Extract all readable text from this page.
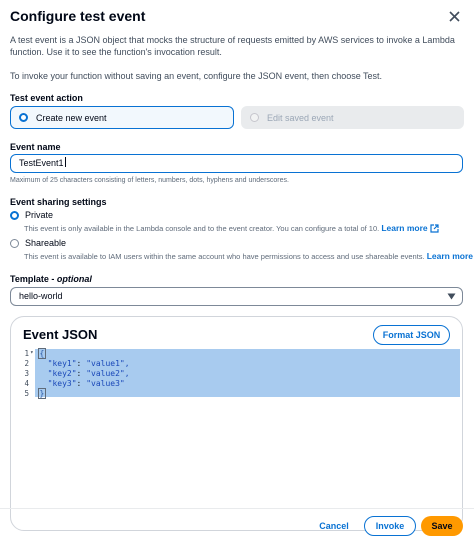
Configure test event
A test event is a JSON object that mocks the structure of requests emitted by AWS services to invoke a Lambda function. Use it to see the function's invocation result.
To invoke your function without saving an event, configure the JSON event, then choose Test.
Test event action
Create new event	Edit saved event
Event name
TestEvent1
Maximum of 25 characters consisting of letters, numbers, dots, hyphens and underscores.
Event sharing settings
Private
This event is only available in the Lambda console and to the event creator. You can configure a total of 10. Learn more
Shareable
This event is available to IAM users within the same account who have permissions to access and use shareable events. Learn more
Template - optional
hello-world
Event JSON	Format JSON
1 ▾
2
3
4
5
{
"key1": "value1",
"key2": "value2",
"key3": "value3"
}
Cancel	Invoke	Save
